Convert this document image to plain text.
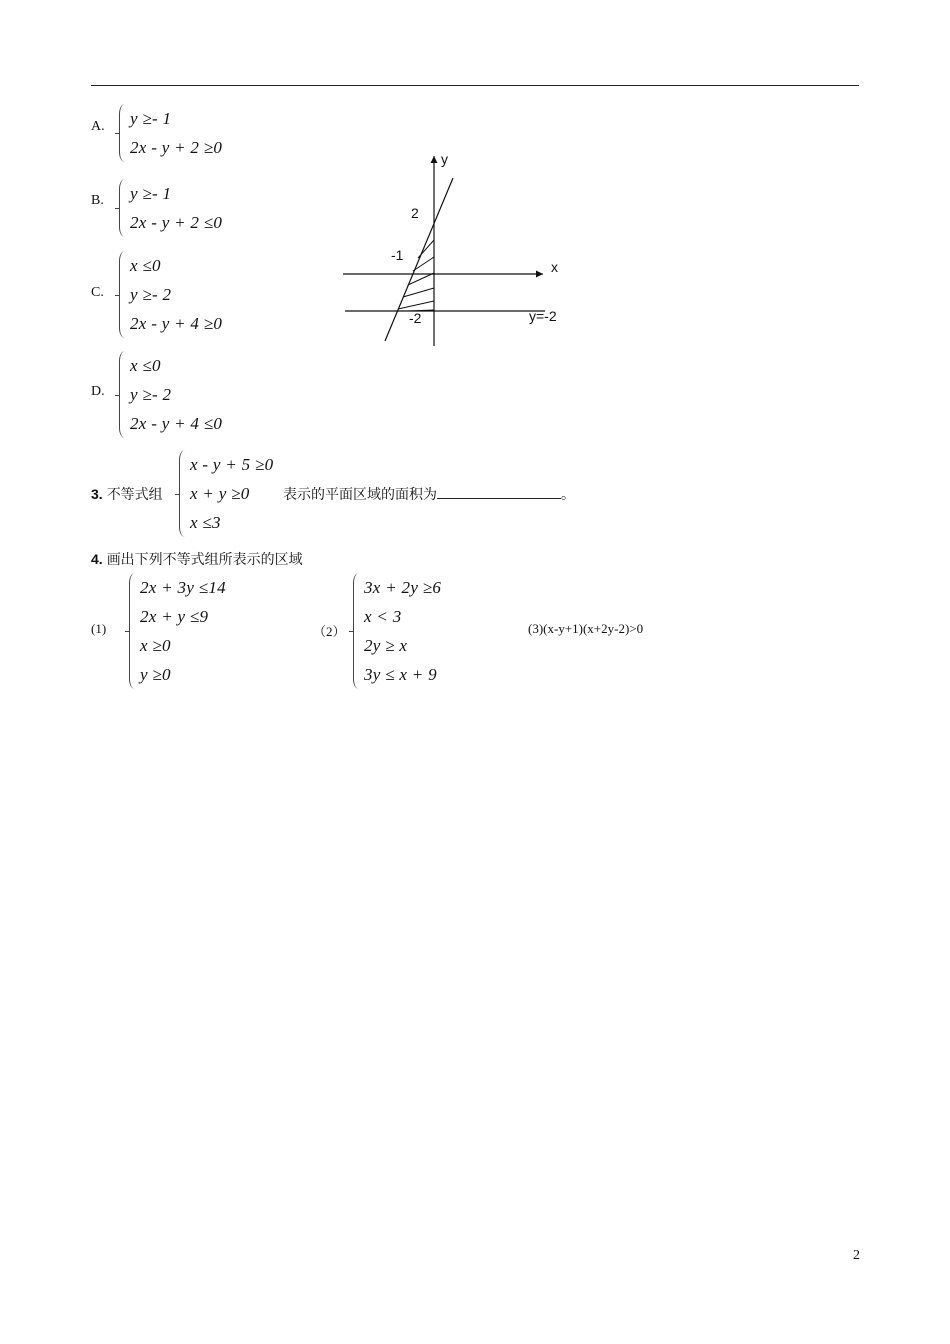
A. y ≥- 1
2x - y + 2 ≥0
B. y ≥- 1
2x - y + 2 ≤0
C.
x ≤0
y ≥- 2
2x - y + 4 ≥0
D.
x ≤0
y ≥- 2
2x - y + 4 ≤0
y
x
2
-1
-2	y=-2
3. 不等式组
x - y + 5 ≥0
x + y ≥0
x ≤3
表示的平面区域的面积为	。
4. 画出下列不等式组所表示的区域
(1)
2x + 3y ≤14
2x + y ≤9
x ≥0
y ≥0
（2）
3x + 2y ≥6
x < 3
2y ≥ x
3y ≤ x + 9
(3)(x-y+1)(x+2y-2)>0
2
